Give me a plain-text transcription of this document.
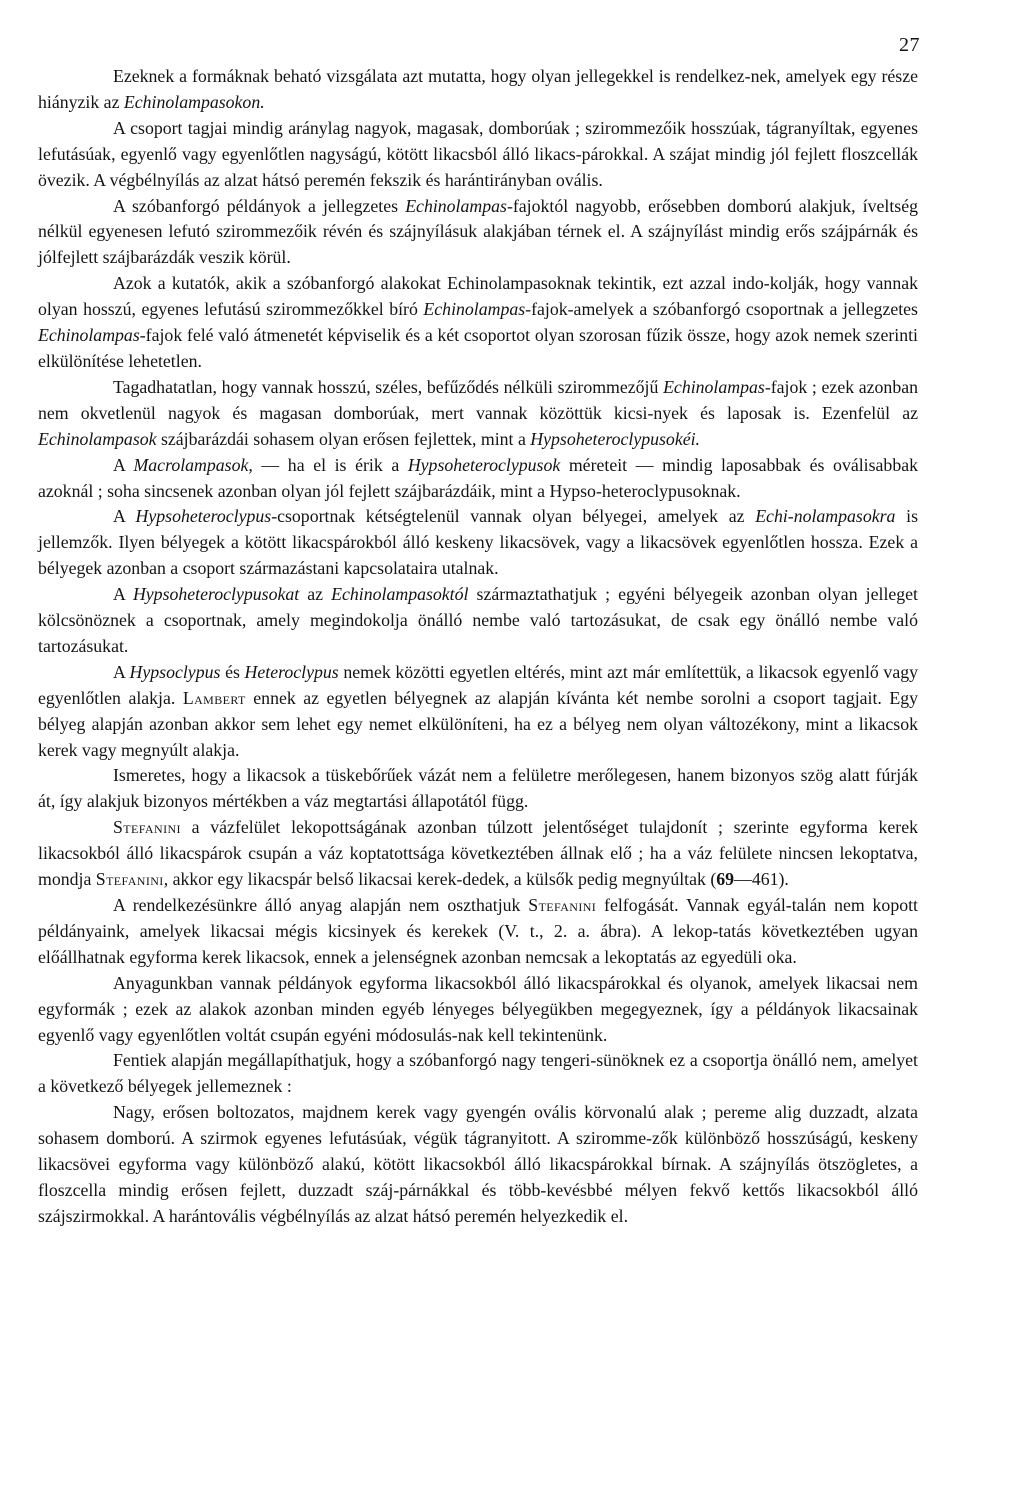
27

Ezeknek a formáknak beható vizsgálata azt mutatta, hogy olyan jellegekkel is rendelkez-nek, amelyek egy része hiányzik az Echinolampasokon.

A csoport tagjai mindig aránylag nagyok, magasak, domborúak ; szirommezőik hosszúak, tágranyíltak, egyenes lefutásúak, egyenlő vagy egyenlőtlen nagyságú, kötött likacsból álló likacs-párokkal. A szájat mindig jól fejlett floszcellák övezik. A végbélnyílás az alzat hátsó peremén fekszik és harántirányban ovális.

A szóbanforgó példányok a jellegzetes Echinolampas-fajoktól nagyobb, erősebben domború alakjuk, íveltség nélkül egyenesen lefutó szirommezőik révén és szájnyílásuk alakjában térnek el. A szájnyílást mindig erős szájpárnák és jólfejlett szájbarázdák veszik körül.

Azok a kutatók, akik a szóbanforgó alakokat Echinolampasoknak tekintik, ezt azzal indo-kolják, hogy vannak olyan hosszú, egyenes lefutású szirommezőkkel bíró Echinolampas-fajok-amelyek a szóbanforgó csoportnak a jellegzetes Echinolampas-fajok felé való átmenetét képviselik és a két csoportot olyan szorosan fűzik össze, hogy azok nemek szerinti elkülönítése lehetetlen.

Tagadhatatlan, hogy vannak hosszú, széles, befűződés nélküli szirommezőjű Echinolampas-fajok ; ezek azonban nem okvetlenül nagyok és magasan domborúak, mert vannak közöttük kicsi-nyek és laposak is. Ezenfelül az Echinolampasok szájbarázdái sohasem olyan erősen fejlettek, mint a Hypsoheteroclypusokéi.

A Macrolampasok, — ha el is érik a Hypsoheteroclypusok méreteit — mindig laposabbak és oválisabbak azoknál ; soha sincsenek azonban olyan jól fejlett szájbarázdáik, mint a Hypso-heteroclypusoknak.

A Hypsoheteroclypus-csoportnak kétségtelenül vannak olyan bélyegei, amelyek az Echi-nolampasokra is jellemzők. Ilyen bélyegek a kötött likacspárokból álló keskeny likacsövek, vagy a likacsövek egyenlőtlen hossza. Ezek a bélyegek azonban a csoport származástani kapcsolataira utalnak.

A Hypsoheteroclypusokat az Echinolampasoktól származtathatjuk ; egyéni bélyegeik azonban olyan jelleget kölcsönöznek a csoportnak, amely megindokolja önálló nembe való tartozásukat, de csak egy önálló nembe való tartozásukat.

A Hypsoclypus és Heteroclypus nemek közötti egyetlen eltérés, mint azt már említettük, a likacsok egyenlő vagy egyenlőtlen alakja. Lambert ennek az egyetlen bélyegnek az alapján kívánta két nembe sorolni a csoport tagjait. Egy bélyeg alapján azonban akkor sem lehet egy nemet elkülöníteni, ha ez a bélyeg nem olyan változékony, mint a likacsok kerek vagy megnyúlt alakja.

Ismeretes, hogy a likacsok a tüskebőrűek vázát nem a felületre merőlegesen, hanem bizonyos szög alatt fúrják át, így alakjuk bizonyos mértékben a váz megtartási állapotától függ.

Stefanini a vázfelület lekopottságának azonban túlzott jelentőséget tulajdonít ; szerinte egyforma kerek likacsokból álló likacspárok csupán a váz koptatottsága következtében állnak elő ; ha a váz felülete nincsen lekoptatva, mondja Stefanini, akkor egy likacspár belső likacsai kerek-dedek, a külsők pedig megnyúltak (69—461).

A rendelkezésünkre álló anyag alapján nem oszthatjuk Stefanini felfogását. Vannak egyál-talán nem kopott példányaink, amelyek likacsai mégis kicsinyek és kerekek (V. t., 2. a. ábra). A lekop-tatás következtében ugyan előállhatnak egyforma kerek likacsok, ennek a jelenségnek azonban nemcsak a lekoptatás az egyedüli oka.

Anyagunkban vannak példányok egyforma likacsokból álló likacspárokkal és olyanok, amelyek likacsai nem egyformák ; ezek az alakok azonban minden egyéb lényeges bélyegükben megegyeznek, így a példányok likacsainak egyenlő vagy egyenlőtlen voltát csupán egyéni módosulás-nak kell tekintenünk.

Fentiek alapján megállapíthatjuk, hogy a szóbanforgó nagy tengeri-sünöknek ez a csoportja önálló nem, amelyet a következő bélyegek jellemeznek :

Nagy, erősen boltozatos, majdnem kerek vagy gyengén ovális körvonalú alak ; pereme alig duzzadt, alzata sohasem domború. A szirmok egyenes lefutásúak, végük tágranyitott. A sziromme-zők különböző hosszúságú, keskeny likacsövei egyforma vagy különböző alakú, kötött likacsokból álló likacspárokkal bírnak. A szájnyílás ötszögletes, a floszcella mindig erősen fejlett, duzzadt száj-párnákkal és több-kevésbbé mélyen fekvő kettős likacsokból álló szájszirmokkal. A harántovális végbélnyílás az alzat hátsó peremén helyezkedik el.
